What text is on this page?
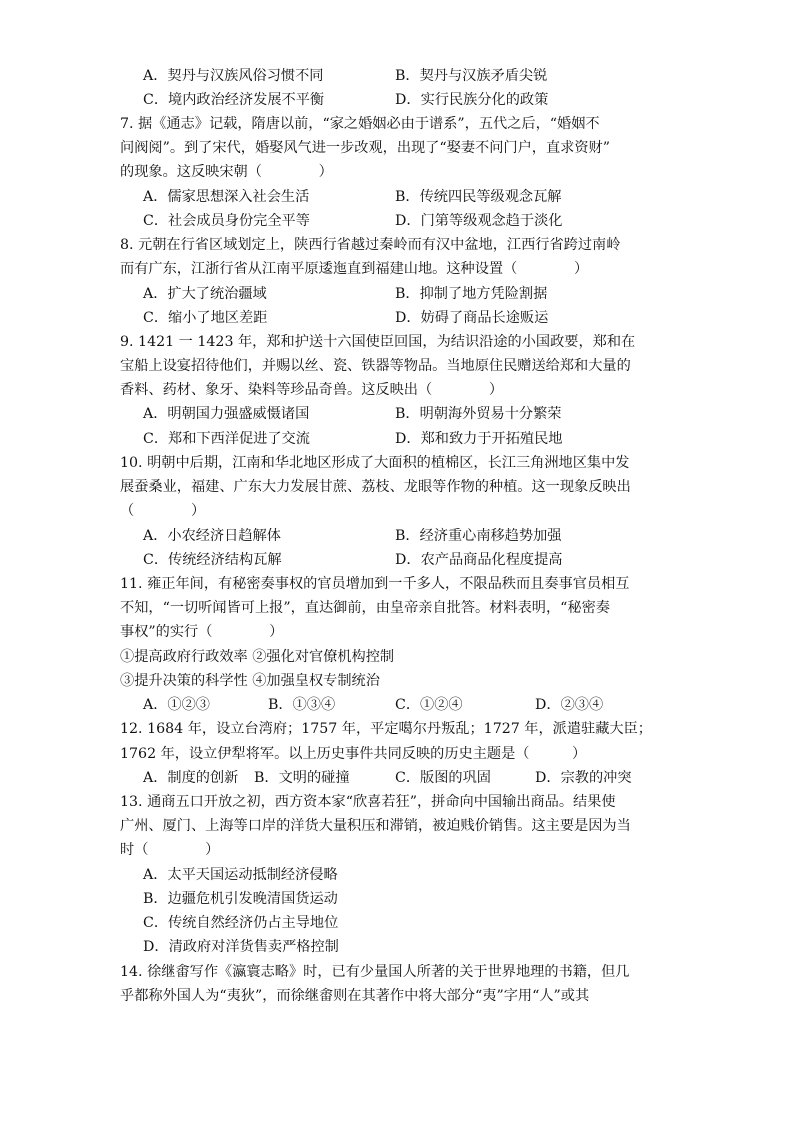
A．契丹与汉族风俗习惯不同	B．契丹与汉族矛盾尖锐
C．境内政治经济发展不平衡	D．实行民族分化的政策
7. 据《通志》记载，隋唐以前，“家之婚姻必由于谱系”，五代之后，“婚姻不
问阀阅”。到了宋代，婚娶风气进一步改观，出现了“娶妻不问门户，直求资财”
的现象。这反映宋朝（　　　　）
A．儒家思想深入社会生活	B．传统四民等级观念瓦解
C．社会成员身份完全平等	D．门第等级观念趋于淡化
8. 元朝在行省区域划定上，陕西行省越过秦岭而有汉中盆地，江西行省跨过南岭
而有广东，江浙行省从江南平原逶迤直到福建山地。这种设置（　　　　）
A．扩大了统治疆域	B．抑制了地方凭险割据
C．缩小了地区差距	D．妨碍了商品长途贩运
9. 1421 一 1423 年，郑和护送十六国使臣回国，为结识沿途的小国政要，郑和在
宝船上设宴招待他们，并赐以丝、瓷、铁器等物品。当地原住民赠送给郑和大量的
香料、药材、象牙、染料等珍品奇兽。这反映出（　　　　）
A．明朝国力强盛威慑诸国	B．明朝海外贸易十分繁荣
C．郑和下西洋促进了交流	D．郑和致力于开拓殖民地
10. 明朝中后期，江南和华北地区形成了大面积的植棉区，长江三角洲地区集中发
展蚕桑业，福建、广东大力发展甘蔗、荔枝、龙眼等作物的种植。这一现象反映出
（　　　　）
A．小农经济日趋解体	B．经济重心南移趋势加强
C．传统经济结构瓦解	D．农产品商品化程度提高
11. 雍正年间，有秘密奏事权的官员增加到一千多人，不限品秩而且奏事官员相互
不知，“一切听闻皆可上报”，直达御前，由皇帝亲自批答。材料表明，“秘密奏
事权”的实行（　　　　）
①提高政府行政效率 ②强化对官僚机构控制
③提升决策的科学性 ④加强皇权专制统治
A．①②③	B．①③④	C．①②④	D．②③④
12. 1684 年，设立台湾府；1757 年，平定噶尔丹叛乱；1727 年，派遣驻藏大臣；
1762 年，设立伊犁将军。以上历史事件共同反映的历史主题是（　　　）
A．制度的创新 B．文明的碰撞	C．版图的巩固	D．宗教的冲突
13. 通商五口开放之初，西方资本家“欣喜若狂”，拼命向中国输出商品。结果使
广州、厦门、上海等口岸的洋货大量积压和滞销，被迫贱价销售。这主要是因为当
时（　　　　）
A．太平天国运动抵制经济侵略
B．边疆危机引发晚清国货运动
C．传统自然经济仍占主导地位
D．清政府对洋货售卖严格控制
14. 徐继畬写作《瀛寰志略》时，已有少量国人所著的关于世界地理的书籍，但几
乎都称外国人为“夷狄”，而徐继畬则在其著作中将大部分“夷”字用“人”或其
